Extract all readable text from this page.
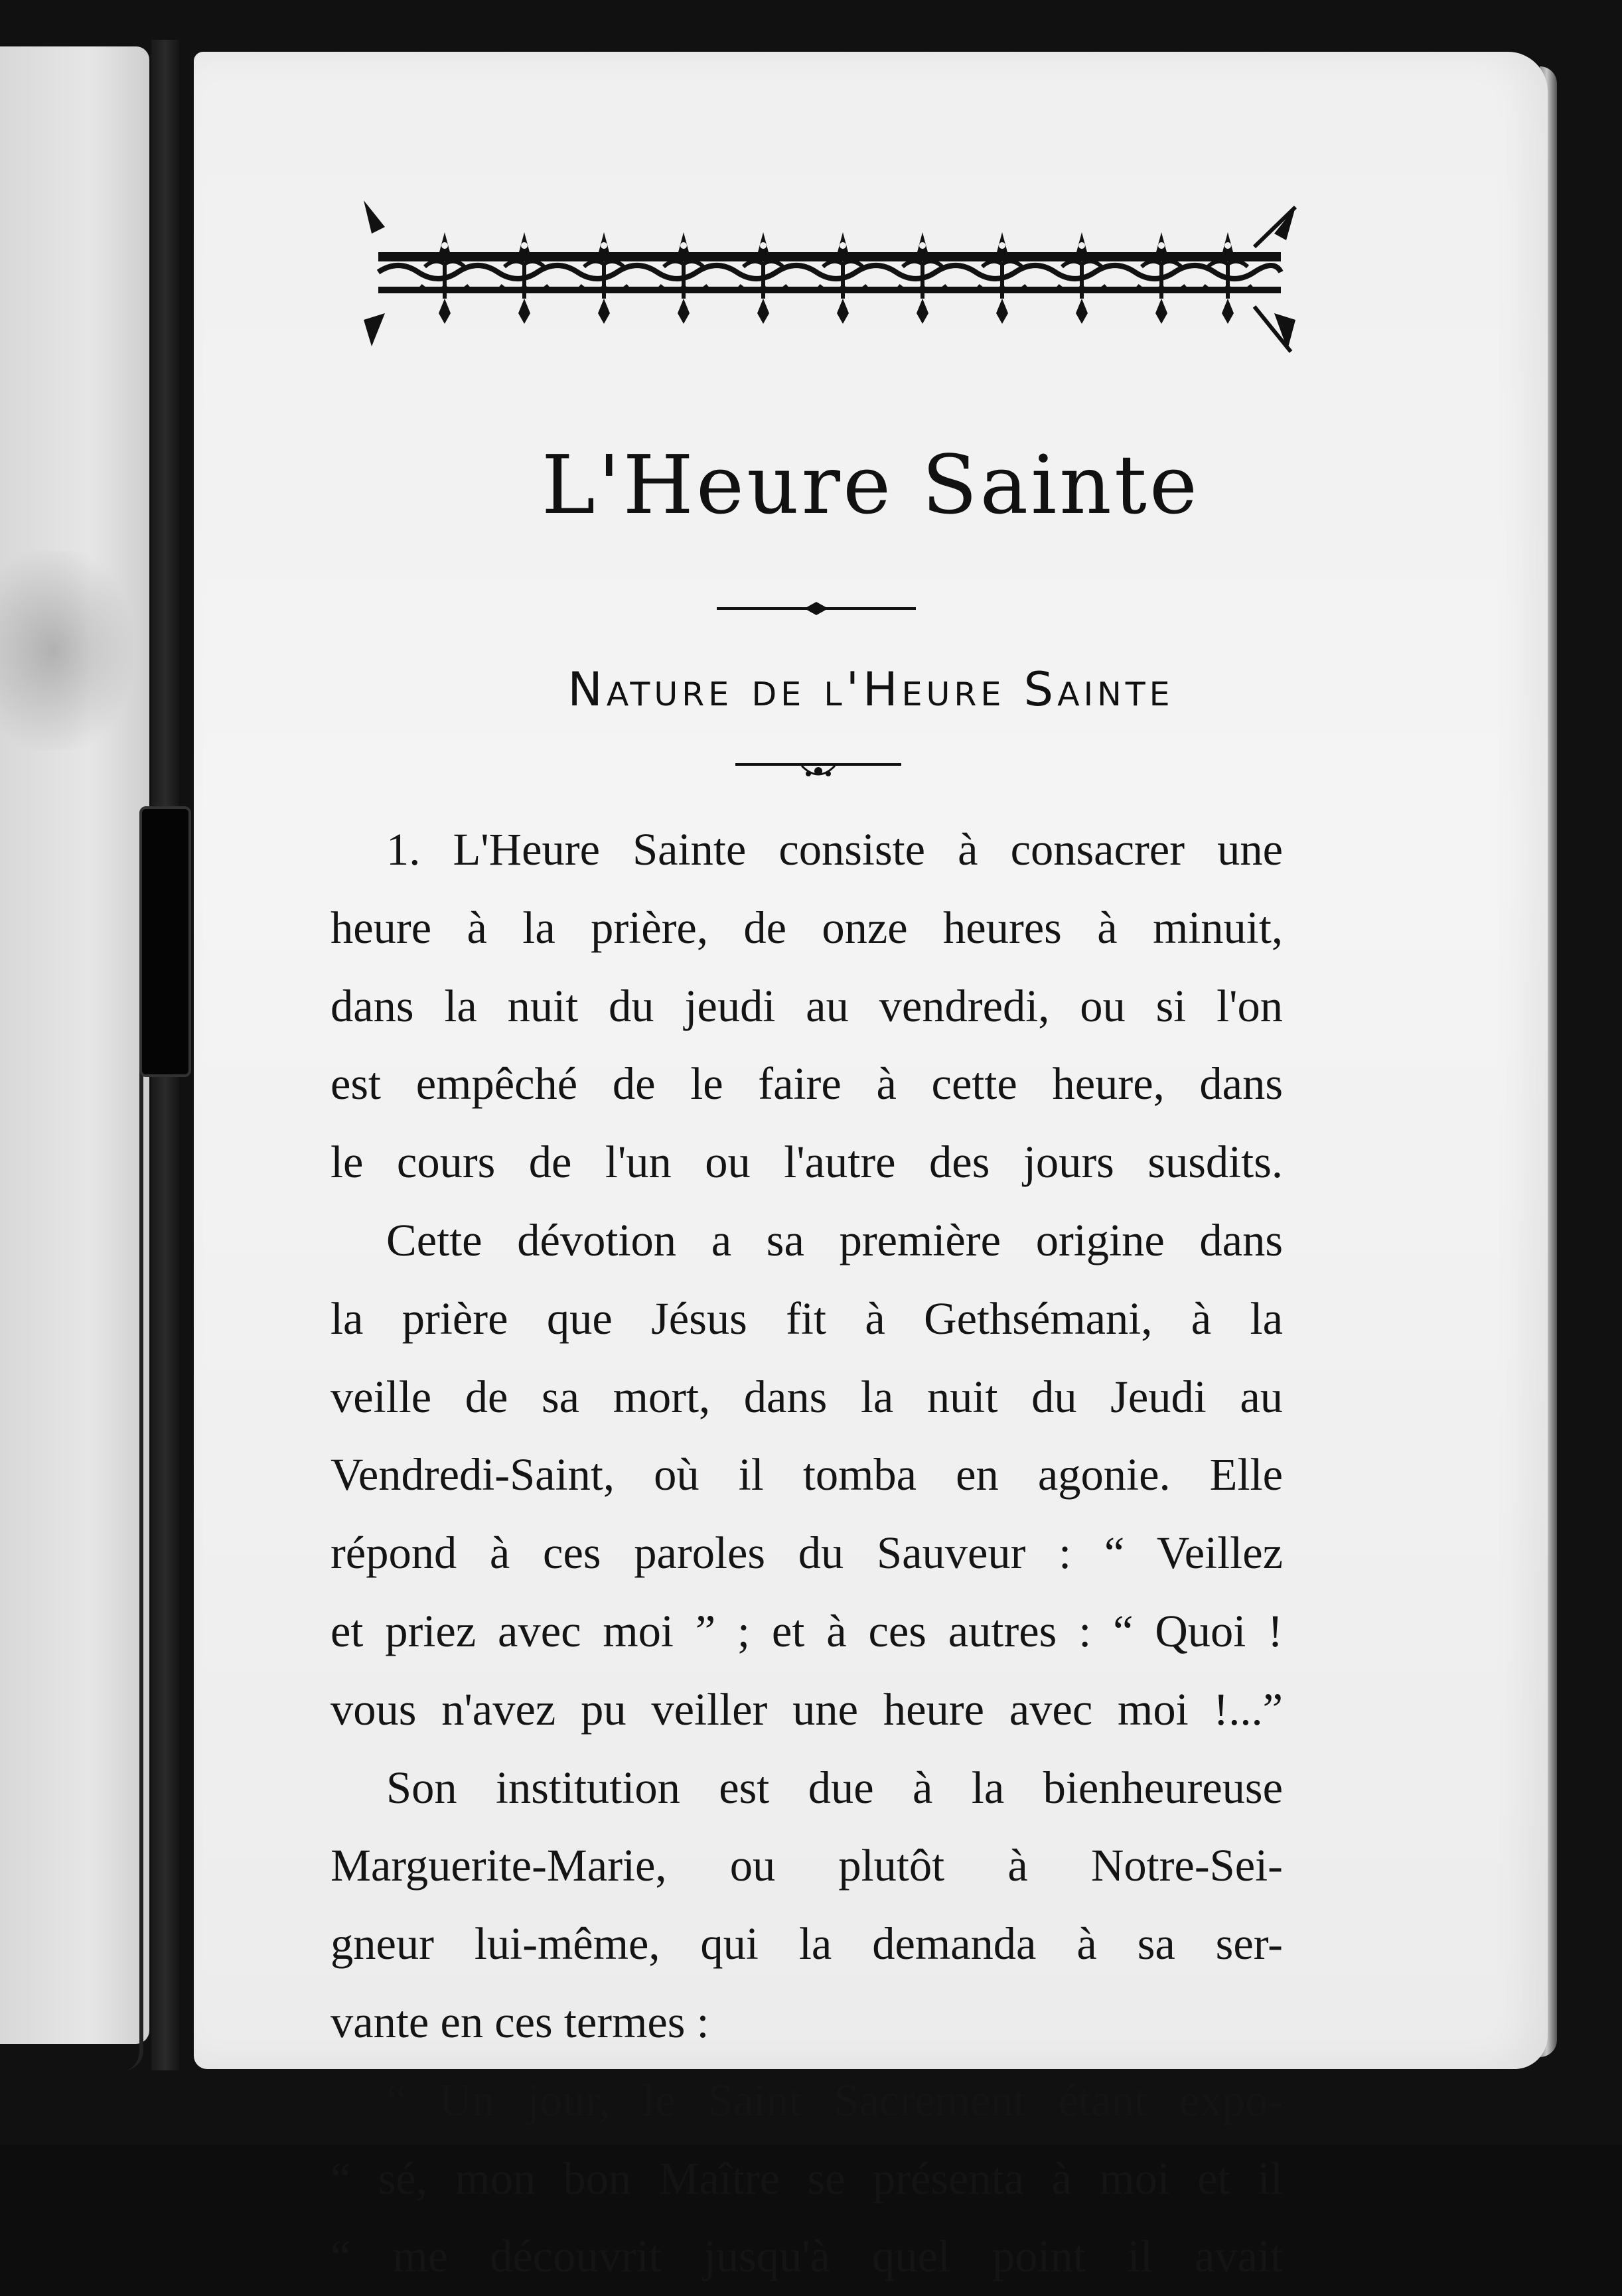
L'Heure Sainte
Nature de l'Heure Sainte
1. L'Heure Sainte consiste à consacrer une
heure à la prière, de onze heures à minuit,
dans la nuit du jeudi au vendredi, ou si l'on
est empêché de le faire à cette heure, dans
le cours de l'un ou l'autre des jours susdits.
Cette dévotion a sa première origine dans
la prière que Jésus fit à Gethsémani, à la
veille de sa mort, dans la nuit du Jeudi au
Vendredi-Saint, où il tomba en agonie. Elle
répond à ces paroles du Sauveur : “ Veillez
et priez avec moi ” ; et à ces autres : “ Quoi !
vous n'avez pu veiller une heure avec moi !...”
Son institution est due à la bienheureuse
Marguerite-Marie, ou plutôt à Notre-Sei-
gneur lui-même, qui la demanda à sa ser-
vante en ces termes :
“ Un jour, le Saint Sacrement étant expo-
“ sé, mon bon Maître se présenta à moi et il
“ me découvrit jusqu'à quel point il avait
